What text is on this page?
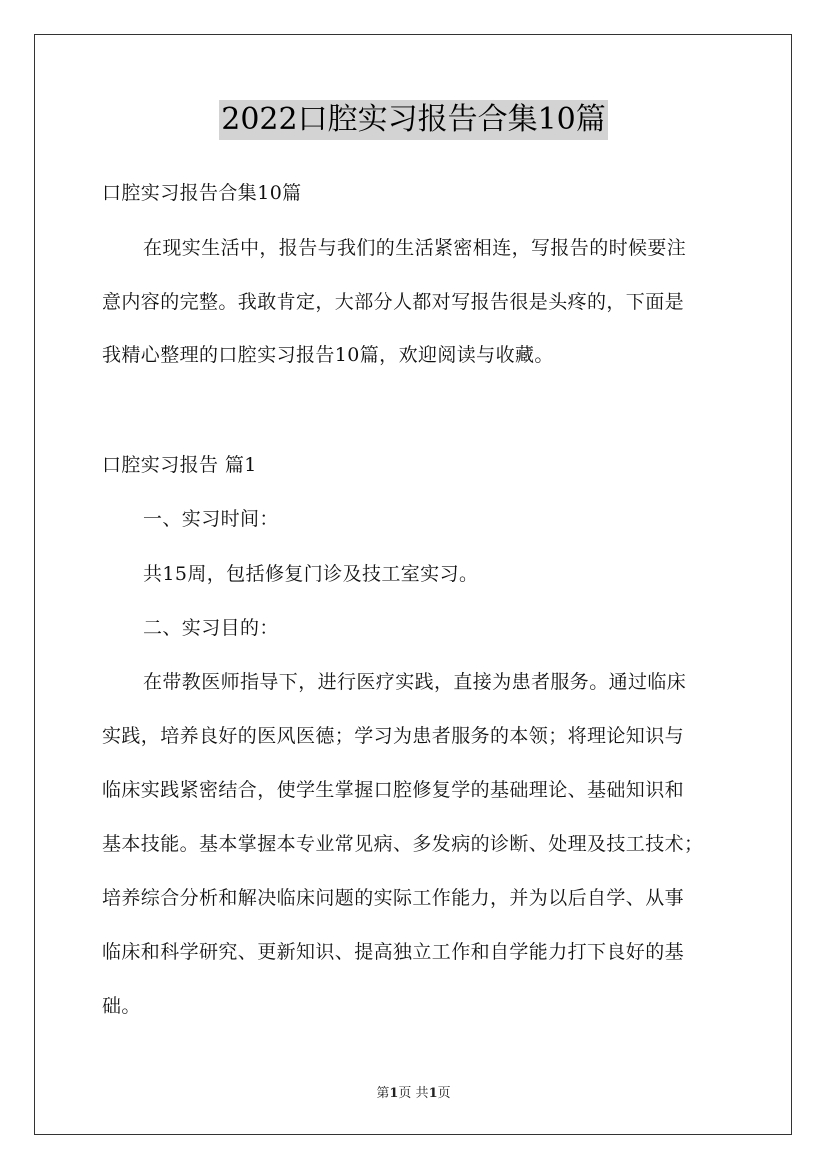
2022口腔实习报告合集10篇
口腔实习报告合集10篇
在现实生活中，报告与我们的生活紧密相连，写报告的时候要注
意内容的完整。我敢肯定，大部分人都对写报告很是头疼的，下面是
我精心整理的口腔实习报告10篇，欢迎阅读与收藏。
口腔实习报告 篇1
一、实习时间：
共15周，包括修复门诊及技工室实习。
二、实习目的：
在带教医师指导下，进行医疗实践，直接为患者服务。通过临床
实践，培养良好的医风医德；学习为患者服务的本领；将理论知识与
临床实践紧密结合，使学生掌握口腔修复学的基础理论、基础知识和
基本技能。基本掌握本专业常见病、多发病的诊断、处理及技工技术；
培养综合分析和解决临床问题的实际工作能力，并为以后自学、从事
临床和科学研究、更新知识、提高独立工作和自学能力打下良好的基
础。
第1页 共1页
